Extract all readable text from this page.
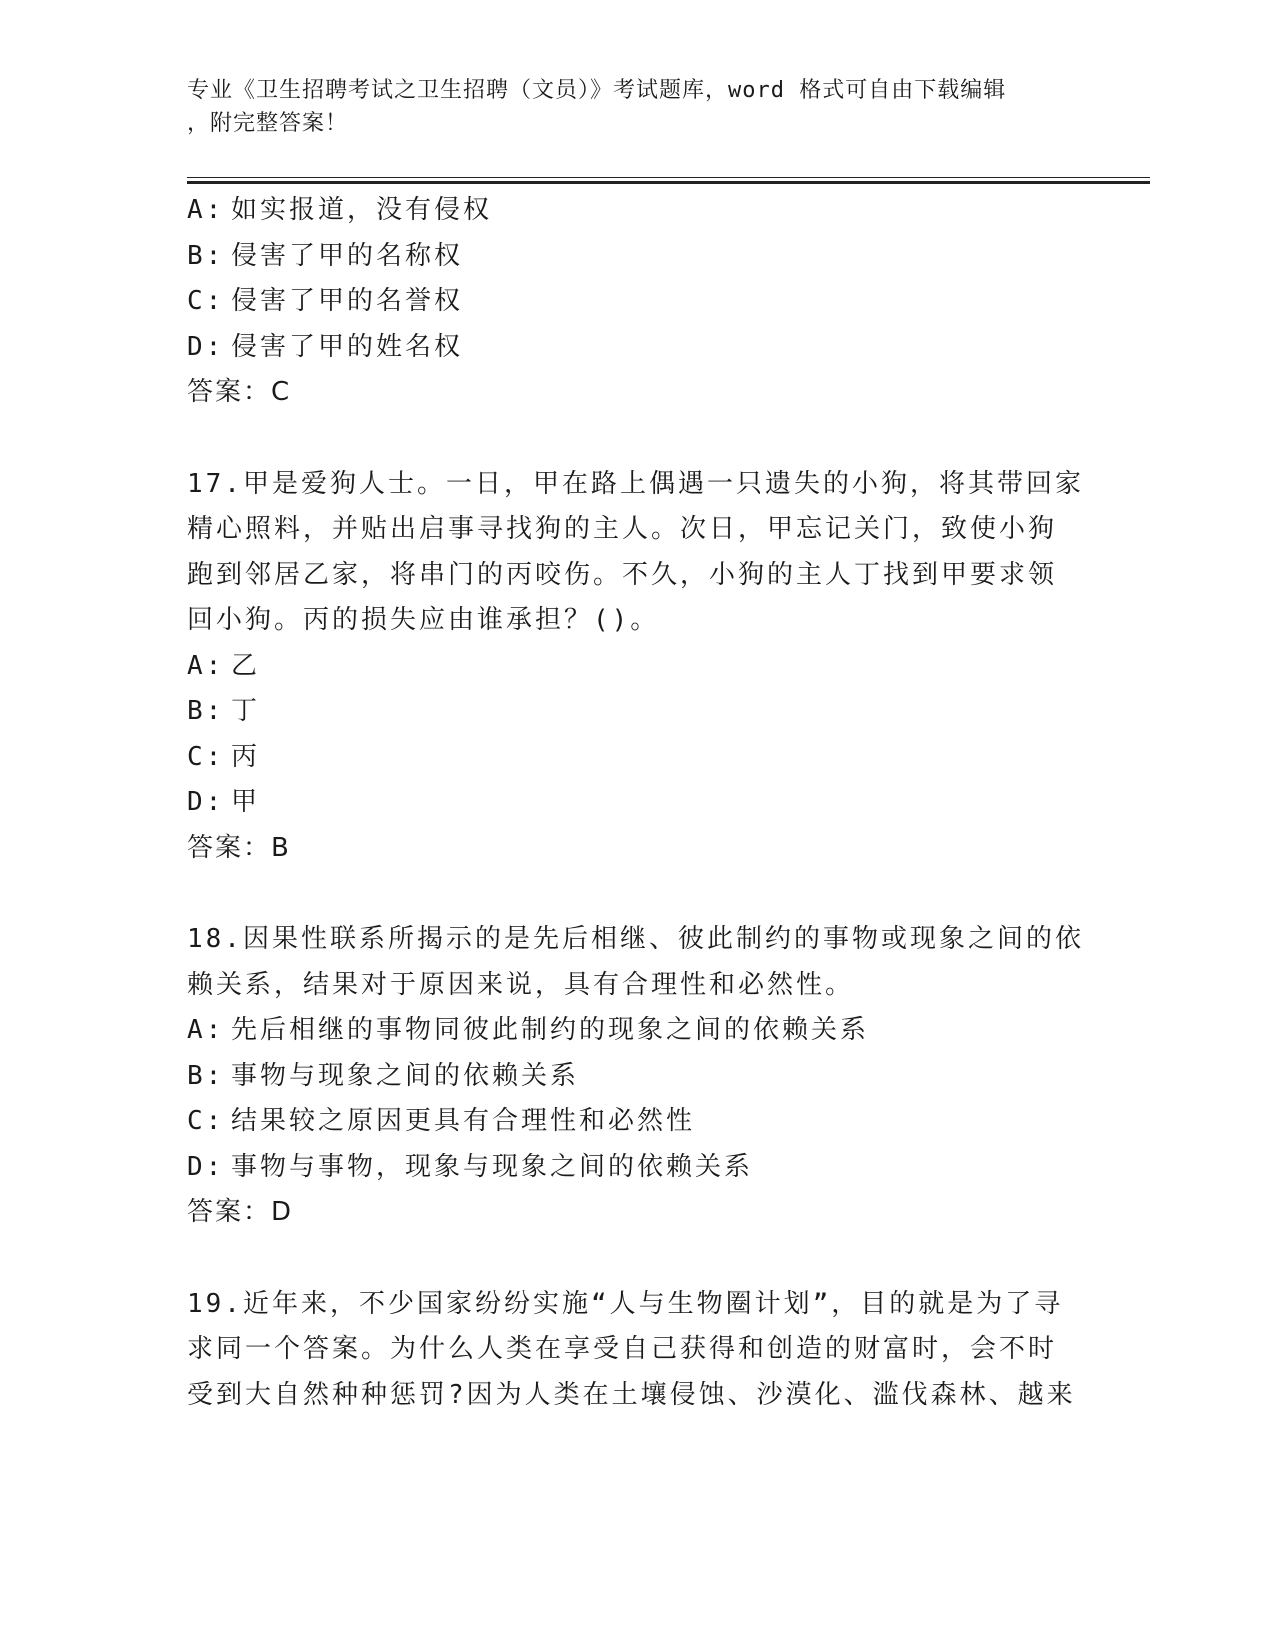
专业《卫生招聘考试之卫生招聘（文员）》考试题库，word 格式可自由下载编辑
，附完整答案！
A: 如实报道，没有侵权
B: 侵害了甲的名称权
C: 侵害了甲的名誉权
D: 侵害了甲的姓名权
答案：C
17.甲是爱狗人士。一日，甲在路上偶遇一只遗失的小狗，将其带回家
精心照料，并贴出启事寻找狗的主人。次日，甲忘记关门，致使小狗
跑到邻居乙家，将串门的丙咬伤。不久，小狗的主人丁找到甲要求领
回小狗。丙的损失应由谁承担？()。
A: 乙
B: 丁
C: 丙
D: 甲
答案：B
18.因果性联系所揭示的是先后相继、彼此制约的事物或现象之间的依
赖关系，结果对于原因来说，具有合理性和必然性。
A: 先后相继的事物同彼此制约的现象之间的依赖关系
B: 事物与现象之间的依赖关系
C: 结果较之原因更具有合理性和必然性
D: 事物与事物，现象与现象之间的依赖关系
答案：D
19.近年来，不少国家纷纷实施“人与生物圈计划”，目的就是为了寻
求同一个答案。为什么人类在享受自己获得和创造的财富时，会不时
受到大自然种种惩罚?因为人类在土壤侵蚀、沙漠化、滥伐森林、越来
